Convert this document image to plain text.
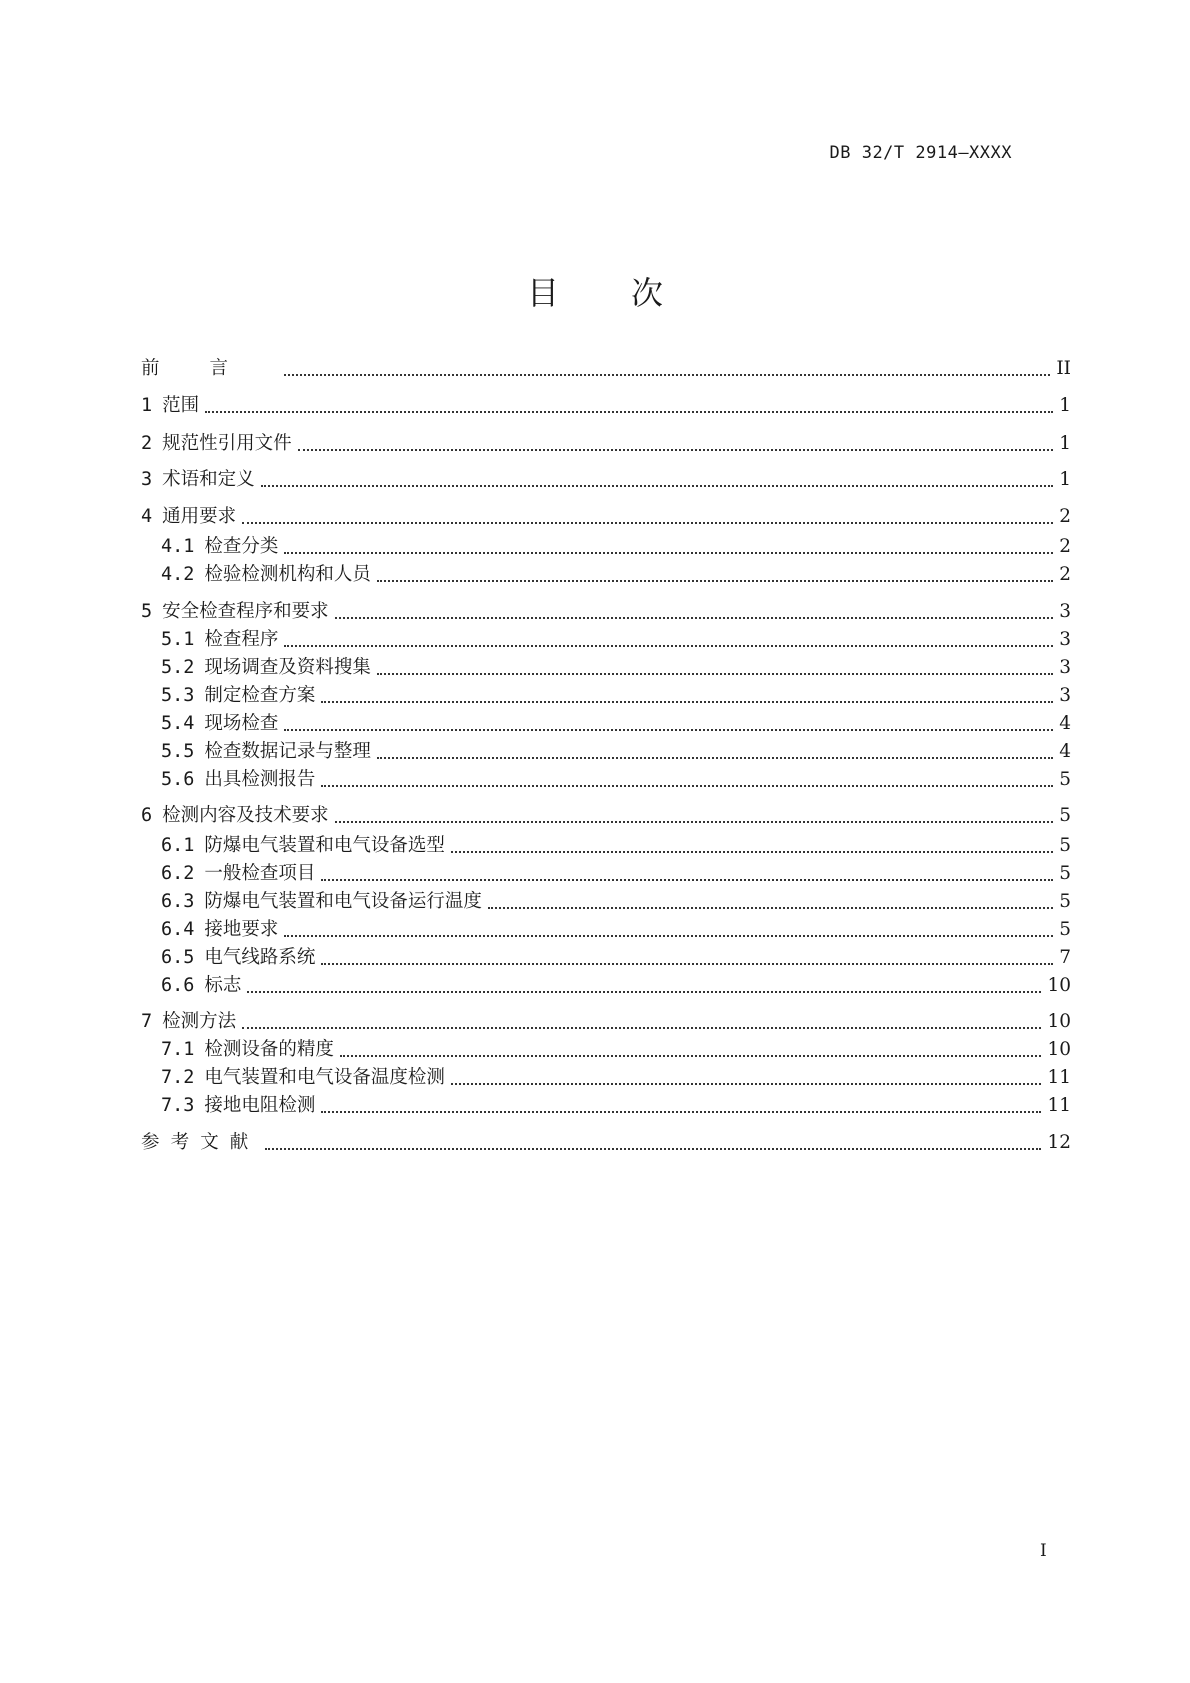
DB 32/T 2914—XXXX
目 次
前言	II
1 范围	1
2 规范性引用文件	1
3 术语和定义	1
4 通用要求	2
4.1 检查分类	2
4.2 检验检测机构和人员	2
5 安全检查程序和要求	3
5.1 检查程序	3
5.2 现场调查及资料搜集	3
5.3 制定检查方案	3
5.4 现场检查	4
5.5 检查数据记录与整理	4
5.6 出具检测报告	5
6 检测内容及技术要求	5
6.1 防爆电气装置和电气设备选型	5
6.2 一般检查项目	5
6.3 防爆电气装置和电气设备运行温度	5
6.4 接地要求	5
6.5 电气线路系统	7
6.6 标志	10
7 检测方法	10
7.1 检测设备的精度	10
7.2 电气装置和电气设备温度检测	11
7.3 接地电阻检测	11
参考文献	12
I
